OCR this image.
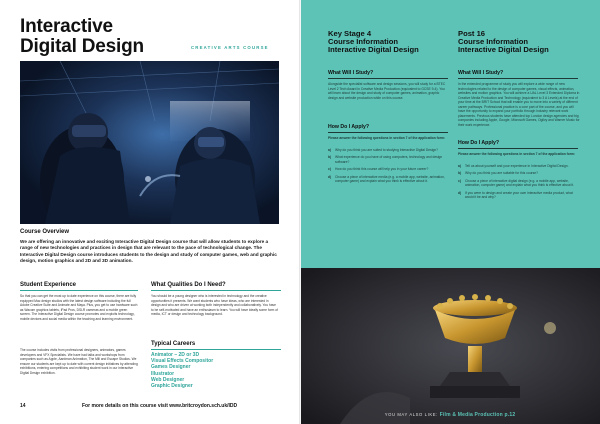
Interactive
Digital Design	CREATIVE ARTS COURSE
Course Overview
We are offering an innovative and exciting Interactive Digital Design course that will allow students to explore a range of new technologies and practices in design that are relevant to the pace of technological change. The Interactive Digital Design course introduces students to the design and study of computer games, web and graphic design, motion graphics and 2D and 3D animation.
Student Experience
So that you can get the most up to date experience on this course, there are fully equipped Mac design studios with the latest design software including the full Adobe Creative Suite and Animate and Maya. Plus, you get to use hardware such as Wacom graphics tablets, iPad Pros, DSLR cameras and a mobile green screen. The Interactive Digital Design course promotes and exploits technology, mobile devices and social media within the teaching and learning environment.
The course includes visits from professional designers, animators, games developers and VFX Specialists. We have had talks and workshops from companies such as Apple, Aardman Animation, The Mill and Escape Studios. We ensure our students are kept up to date with current design initiatives by attending exhibitions, entering competitions and exhibiting student work in our interactive Digital Design exhibition.
What Qualities Do I Need?
You should be a young designer who is interested in technology and the creative opportunities it presents. We want students who have ideas, who are interested in design and who are driven at working both independently and collaboratively. You have to be self-motivated and have an enthusiasm to learn. You will have ideally some form of media, ICT or design and technology background.
Typical Careers
Animator – 2D or 3D
Visual Effects Compositor
Games Designer
Illustrator
Web Designer
Graphic Designer
14	For more details on this course visit www.britcroydon.sch.uk/IDD
Key Stage 4
Course Information
Interactive Digital Design
Post 16
Course Information
Interactive Digital Design
What Will I Study?
Alongside the specialist software and design sessions, you will study for a BTEC Level 2 Tech Award in Creative Media Production (equivalent to GCSE 9-4). You will learn about the design and study of computer games, animation, graphic design and website production while on this course.
How Do I Apply?
Please answer the following questions in section 7 of the application form:
a)	Why do you think you are suited to studying Interactive Digital Design?
b)	What experience do you have of using computers, technology and design software?
c)	How do you think this course will help you in your future career?
d)	Choose a piece of interactive media (e.g. a mobile app, website, animation, computer game) and explain what you think is effective about it.
What Will I Study?
In the extended programme of study you will explore a wide range of new technologies related to the design of computer games, visual effects, animation, websites and motion graphics. You will achieve a UAL Level 3 Extended Diploma in Creative Media Production and Technology (equivalent to 3 A Levels) at the end of your time at the BRIT School that will enable you to move into a variety of different career pathways. Professional practice is a core part of the course, and you will have the opportunity to expand your portfolio through industry relevant work placements. Previous students have attended top London design agencies and big companies including Apple, Google, Microsoft Games, Ogilvy and Warner Music for their work experience.
How Do I Apply?
Please answer the following questions in section 7 of the application form:
a)	Tell us about yourself and your experience in Interactive Digital Design.
b)	Why do you think you are suitable for this course?
c)	Choose a piece of interactive digital design (e.g. a mobile app, website, animation, computer game) and explain what you think is effective about it.
d)	If you were to design and create your own interactive media product, what would it be and why?
YOU MAY ALSO LIKE: Film & Media Production p.12
